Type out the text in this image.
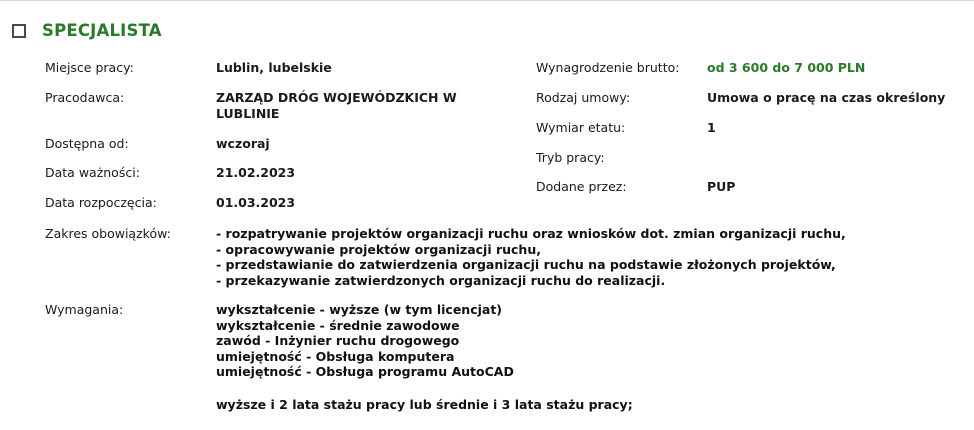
SPECJALISTA
Miejsce pracy:	Lublin, lubelskie
Pracodawca:	ZARZĄD DRÓG WOJEWÓDZKICH W
LUBLINIE
Dostępna od:	wczoraj
Data ważności:	21.02.2023
Data rozpoczęcia:	01.03.2023
Wynagrodzenie brutto: od 3 600 do 7 000 PLN
Rodzaj umowy:	Umowa o pracę na czas określony
Wymiar etatu:	1
Tryb pracy:
Dodane przez:	PUP
Zakres obowiązków:	- rozpatrywanie projektów organizacji ruchu oraz wniosków dot. zmian organizacji ruchu,
- opracowywanie projektów organizacji ruchu,
- przedstawianie do zatwierdzenia organizacji ruchu na podstawie złożonych projektów,
- przekazywanie zatwierdzonych organizacji ruchu do realizacji.
Wymagania:	wykształcenie - wyższe (w tym licencjat)
wykształcenie - średnie zawodowe
zawód - Inżynier ruchu drogowego
umiejętność - Obsługa komputera
umiejętność - Obsługa programu AutoCAD
wyższe i 2 lata stażu pracy lub średnie i 3 lata stażu pracy;
